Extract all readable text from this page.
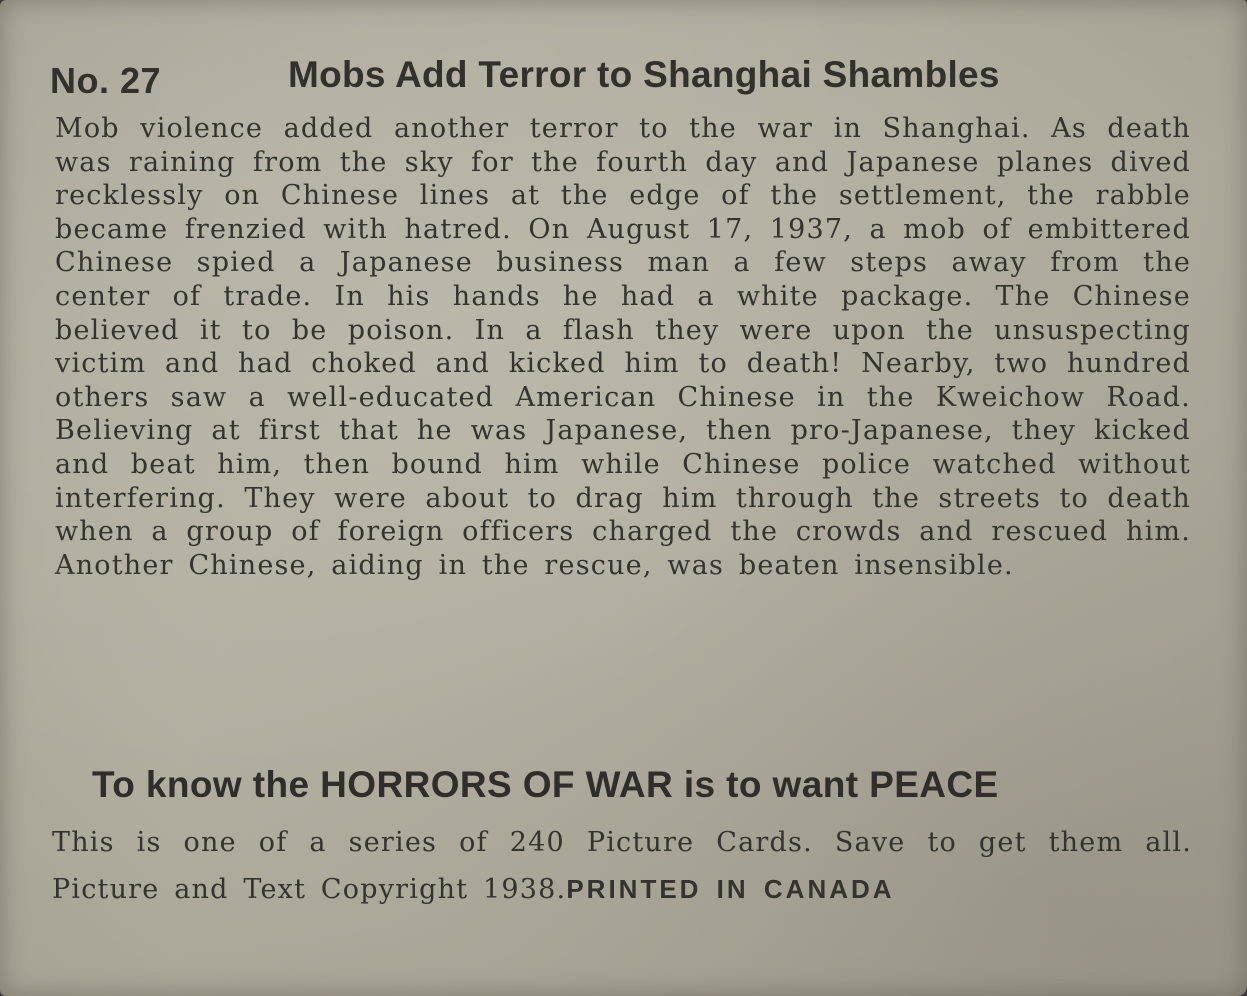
No. 27	Mobs Add Terror to Shanghai Shambles

Mob violence added another terror to the war in Shanghai. As death was raining from the sky for the fourth day and Japanese planes dived recklessly on Chinese lines at the edge of the settlement, the rabble became frenzied with hatred. On August 17, 1937, a mob of embittered Chinese spied a Japanese business man a few steps away from the center of trade. In his hands he had a white package. The Chinese believed it to be poison. In a flash they were upon the unsuspecting victim and had choked and kicked him to death! Nearby, two hundred others saw a well-educated American Chinese in the Kweichow Road. Believing at first that he was Japanese, then pro-Japanese, they kicked and beat him, then bound him while Chinese police watched without interfering. They were about to drag him through the streets to death when a group of foreign officers charged the crowds and rescued him. Another Chinese, aiding in the rescue, was beaten insensible.

To know the HORRORS OF WAR is to want PEACE

This is one of a series of 240 Picture Cards. Save to get them all. Picture and Text Copyright 1938.PRINTED IN CANADA
